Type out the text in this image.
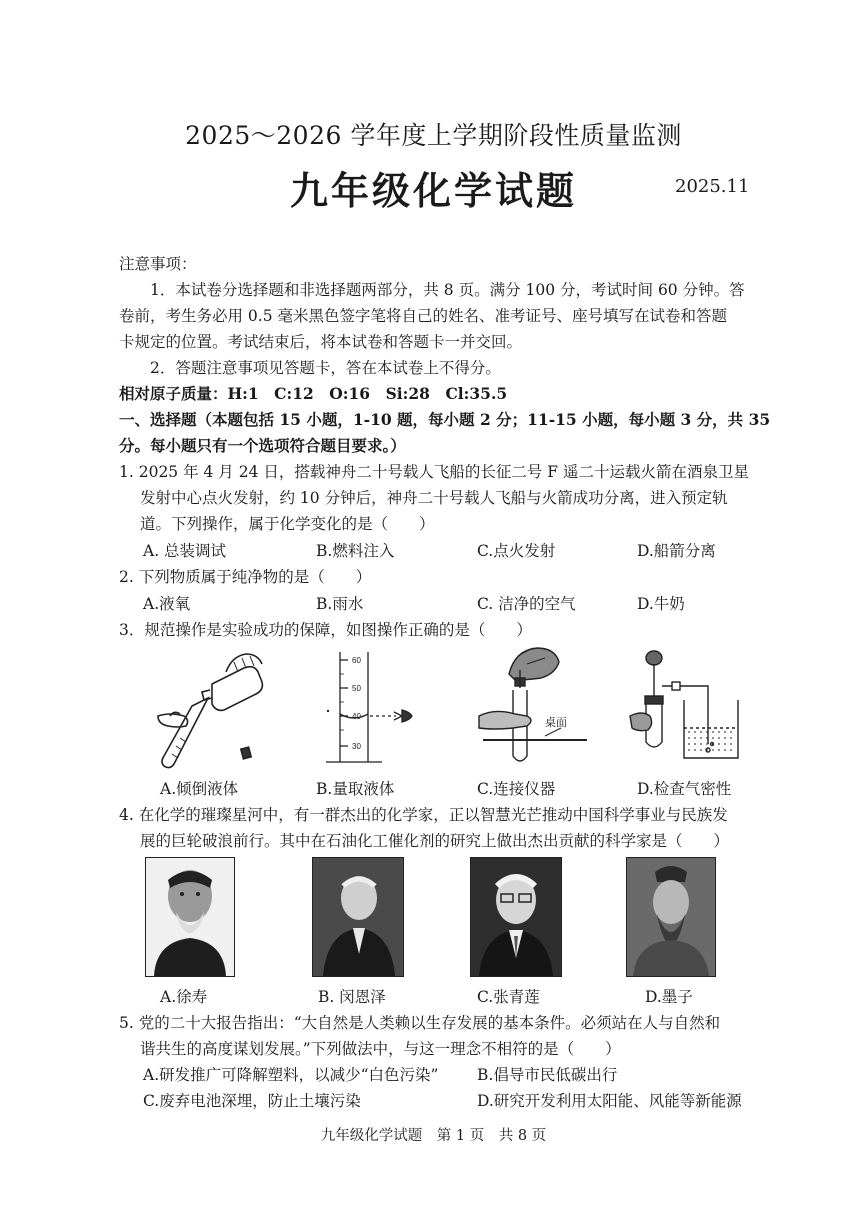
2025～2026 学年度上学期阶段性质量监测
九年级化学试题	2025.11
注意事项：
1．本试卷分选择题和非选择题两部分，共 8 页。满分 100 分，考试时间 60 分钟。答
卷前，考生务必用 0.5 毫米黑色签字笔将自己的姓名、准考证号、座号填写在试卷和答题
卡规定的位置。考试结束后，将本试卷和答题卡一并交回。
2．答题注意事项见答题卡，答在本试卷上不得分。
相对原子质量：H:1　C:12　O:16　Si:28　Cl:35.5
一、选择题（本题包括 15 小题，1-10 题，每小题 2 分；11-15 小题，每小题 3 分，共 35
分。每小题只有一个选项符合题目要求。）
1. 2025 年 4 月 24 日，搭载神舟二十号载人飞船的长征二号 F 遥二十运载火箭在酒泉卫星
发射中心点火发射，约 10 分钟后，神舟二十号载人飞船与火箭成功分离，进入预定轨
道。下列操作，属于化学变化的是（　　）
A. 总装调试	B.燃料注入	C.点火发射	D.船箭分离
2. 下列物质属于纯净物的是（　　）
A.液氧	B.雨水	C. 洁净的空气	D.牛奶
3．规范操作是实验成功的保障，如图操作正确的是（　　）
60
50
40
30
桌面
A.倾倒液体	B.量取液体	C.连接仪器	D.检查气密性
4. 在化学的璀璨星河中，有一群杰出的化学家，正以智慧光芒推动中国科学事业与民族发
展的巨轮破浪前行。其中在石油化工催化剂的研究上做出杰出贡献的科学家是（　　）
A.徐寿	B. 闵恩泽	C.张青莲	D.墨子
5. 党的二十大报告指出：“大自然是人类赖以生存发展的基本条件。必须站在人与自然和
谐共生的高度谋划发展。”下列做法中，与这一理念不相符的是（　　）
A.研发推广可降解塑料，以减少“白色污染” B.倡导市民低碳出行
C.废弃电池深埋，防止土壤污染	D.研究开发利用太阳能、风能等新能源
九年级化学试题　第 1 页　共 8 页
